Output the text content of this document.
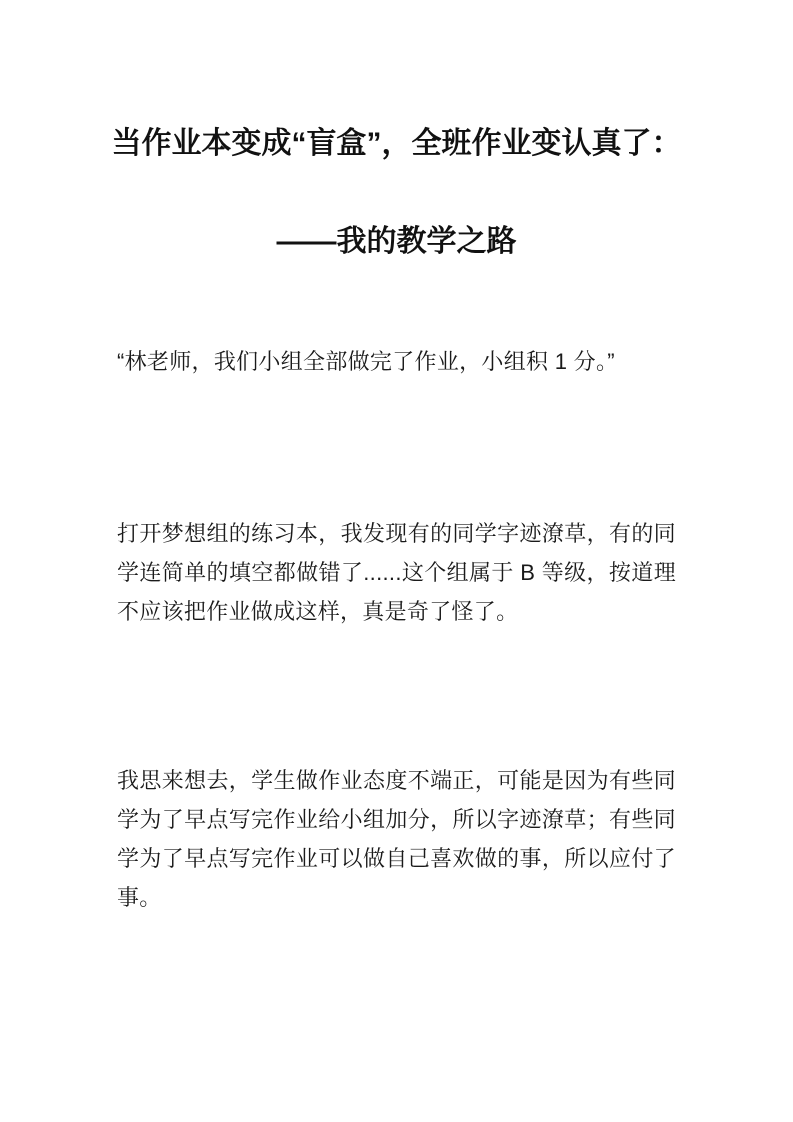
当作业本变成“盲盒”，全班作业变认真了：
——我的教学之路

“林老师，我们小组全部做完了作业，小组积 1 分。”

打开梦想组的练习本，我发现有的同学字迹潦草，有的同学连简单的填空都做错了......这个组属于 B 等级，按道理不应该把作业做成这样，真是奇了怪了。

我思来想去，学生做作业态度不端正，可能是因为有些同学为了早点写完作业给小组加分，所以字迹潦草；有些同学为了早点写完作业可以做自己喜欢做的事，所以应付了事。
